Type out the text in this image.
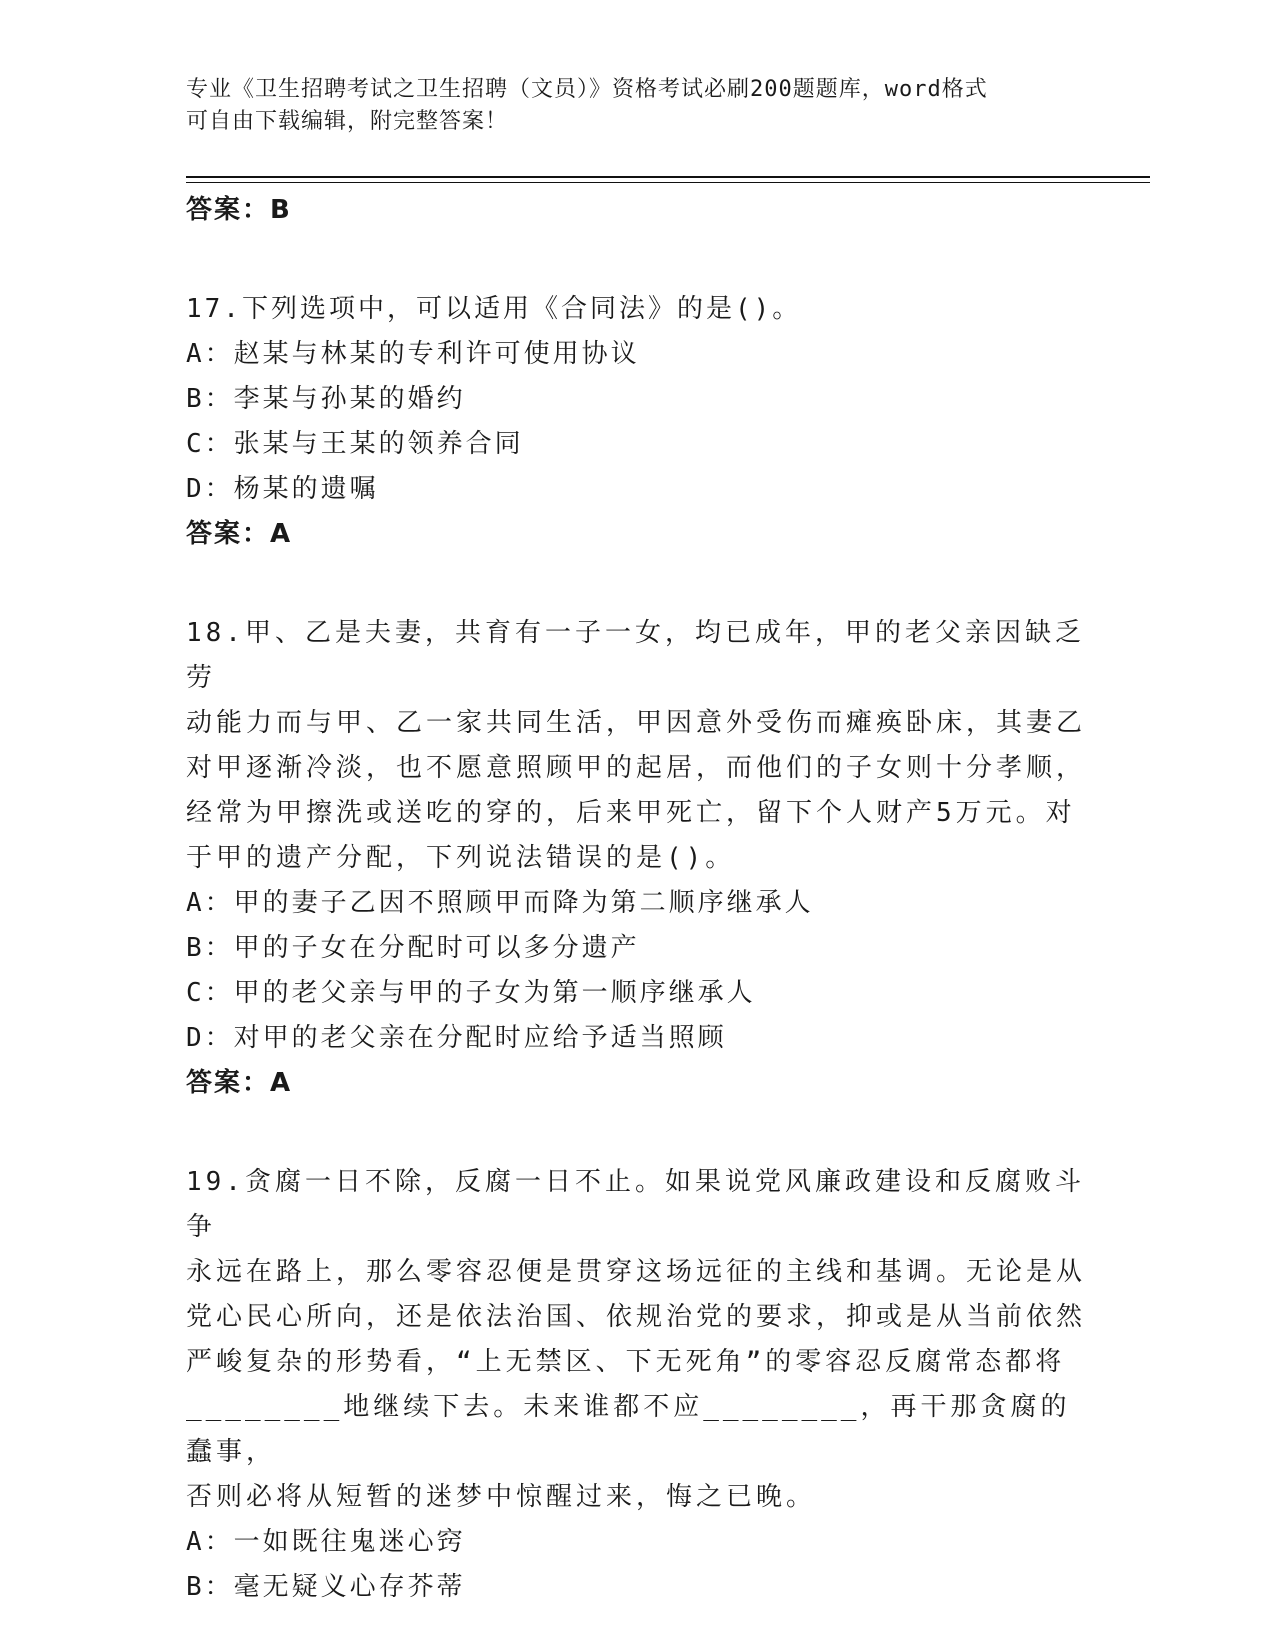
专业《卫生招聘考试之卫生招聘（文员）》资格考试必刷200题题库，word格式
可自由下载编辑，附完整答案！

答案：B
17.下列选项中，可以适用《合同法》的是()。
A：赵某与林某的专利许可使用协议
B：李某与孙某的婚约
C：张某与王某的领养合同
D：杨某的遗嘱
答案：A
18.甲、乙是夫妻，共育有一子一女，均已成年，甲的老父亲因缺乏劳
动能力而与甲、乙一家共同生活，甲因意外受伤而瘫痪卧床，其妻乙
对甲逐渐冷淡，也不愿意照顾甲的起居，而他们的子女则十分孝顺，
经常为甲擦洗或送吃的穿的，后来甲死亡，留下个人财产5万元。对
于甲的遗产分配，下列说法错误的是()。
A：甲的妻子乙因不照顾甲而降为第二顺序继承人
B：甲的子女在分配时可以多分遗产
C：甲的老父亲与甲的子女为第一顺序继承人
D：对甲的老父亲在分配时应给予适当照顾
答案：A
19.贪腐一日不除，反腐一日不止。如果说党风廉政建设和反腐败斗争
永远在路上，那么零容忍便是贯穿这场远征的主线和基调。无论是从
党心民心所向，还是依法治国、依规治党的要求，抑或是从当前依然
严峻复杂的形势看，“上无禁区、下无死角”的零容忍反腐常态都将
________地继续下去。未来谁都不应________，再干那贪腐的蠢事，
否则必将从短暂的迷梦中惊醒过来，悔之已晚。
A：一如既往鬼迷心窍
B：毫无疑义心存芥蒂
